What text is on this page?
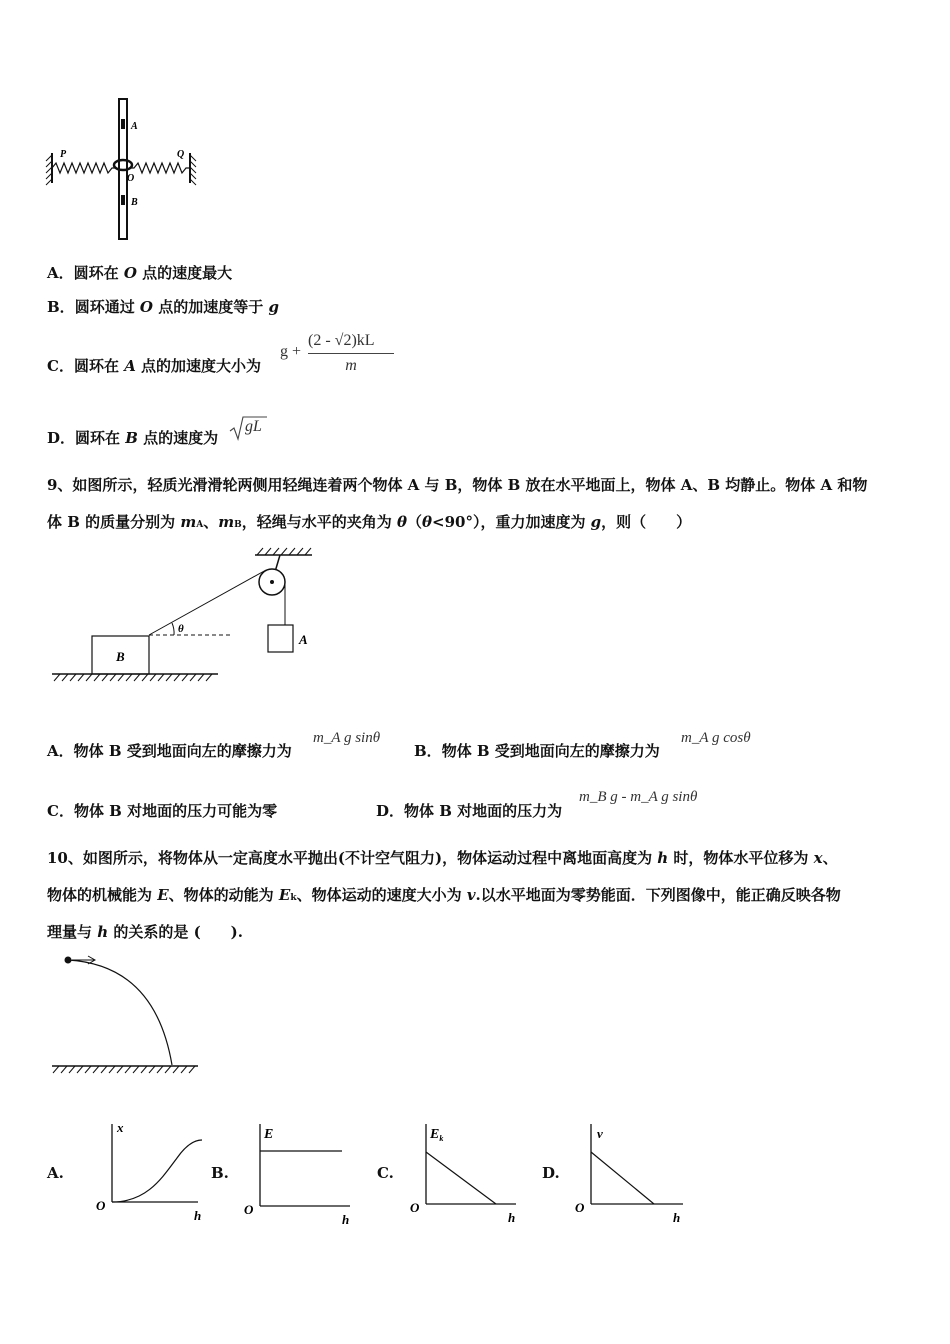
A
B
O
P	Q
A．圆环在 O 点的速度最大
B．圆环通过 O 点的加速度等于 g
C．圆环在 A 点的加速度大小为
g +
(2 - √2)kL
m
D．圆环在 B 点的速度为
gL
9、如图所示，轻质光滑滑轮两侧用轻绳连着两个物体 A 与 B，物体 B 放在水平地面上，物体 A、B 均静止。物体 A 和物
体 B 的质量分别为 mA、mB，轻绳与水平的夹角为 θ（θ<90°），重力加速度为 g，则（　　）
A
B
θ
A．物体 B 受到地面向左的摩擦力为
m_A g sinθ
B．物体 B 受到地面向左的摩擦力为
m_A g cosθ
C．物体 B 对地面的压力可能为零	D．物体 B 对地面的压力为
m_B g - m_A g sinθ
10、如图所示，将物体从一定高度水平抛出(不计空气阻力)，物体运动过程中离地面高度为 h 时，物体水平位移为 x、
物体的机械能为 E、物体的动能为 Ek、物体运动的速度大小为 v.以水平地面为零势能面．下列图像中，能正确反映各物
理量与 h 的关系的是 (　　).
A.
x
h
O
B.
E
h
O
C.
$E_k$
h
O
D.
v
h
O
